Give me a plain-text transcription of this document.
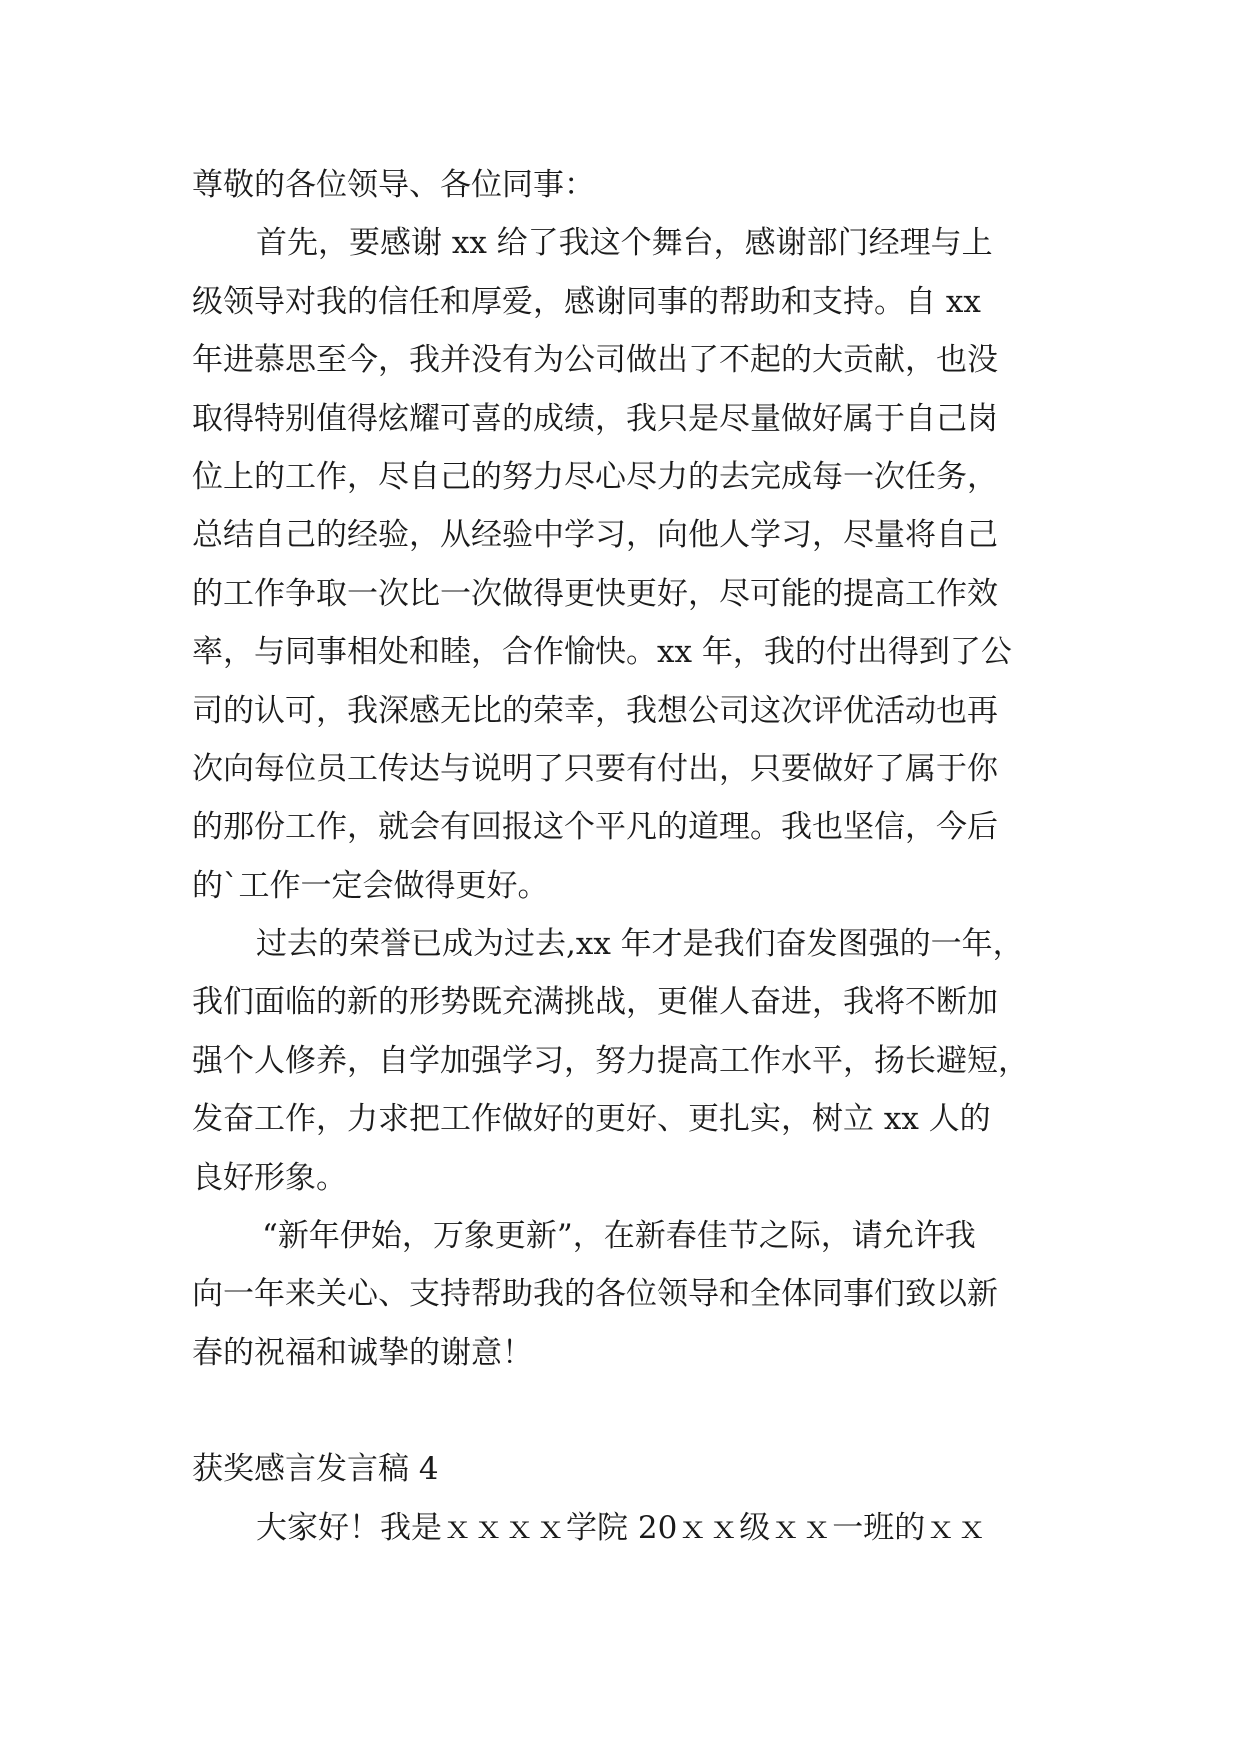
尊敬的各位领导、各位同事：
首先，要感谢 xx 给了我这个舞台，感谢部门经理与上
级领导对我的信任和厚爱，感谢同事的帮助和支持。自 xx
年进慕思至今，我并没有为公司做出了不起的大贡献，也没
取得特别值得炫耀可喜的成绩，我只是尽量做好属于自己岗
位上的工作，尽自己的努力尽心尽力的去完成每一次任务，
总结自己的经验，从经验中学习，向他人学习，尽量将自己
的工作争取一次比一次做得更快更好，尽可能的提高工作效
率，与同事相处和睦，合作愉快。xx 年，我的付出得到了公
司的认可，我深感无比的荣幸，我想公司这次评优活动也再
次向每位员工传达与说明了只要有付出，只要做好了属于你
的那份工作，就会有回报这个平凡的道理。我也坚信，今后
的`工作一定会做得更好。
过去的荣誉已成为过去,xx 年才是我们奋发图强的一年，
我们面临的新的形势既充满挑战，更催人奋进，我将不断加
强个人修养，自学加强学习，努力提高工作水平，扬长避短，
发奋工作，力求把工作做好的更好、更扎实，树立 xx 人的
良好形象。
“新年伊始，万象更新”，在新春佳节之际，请允许我
向一年来关心、支持帮助我的各位领导和全体同事们致以新
春的祝福和诚挚的谢意！
获奖感言发言稿 4
大家好！我是ｘｘｘｘ学院 20ｘｘ级ｘｘ一班的ｘｘ
